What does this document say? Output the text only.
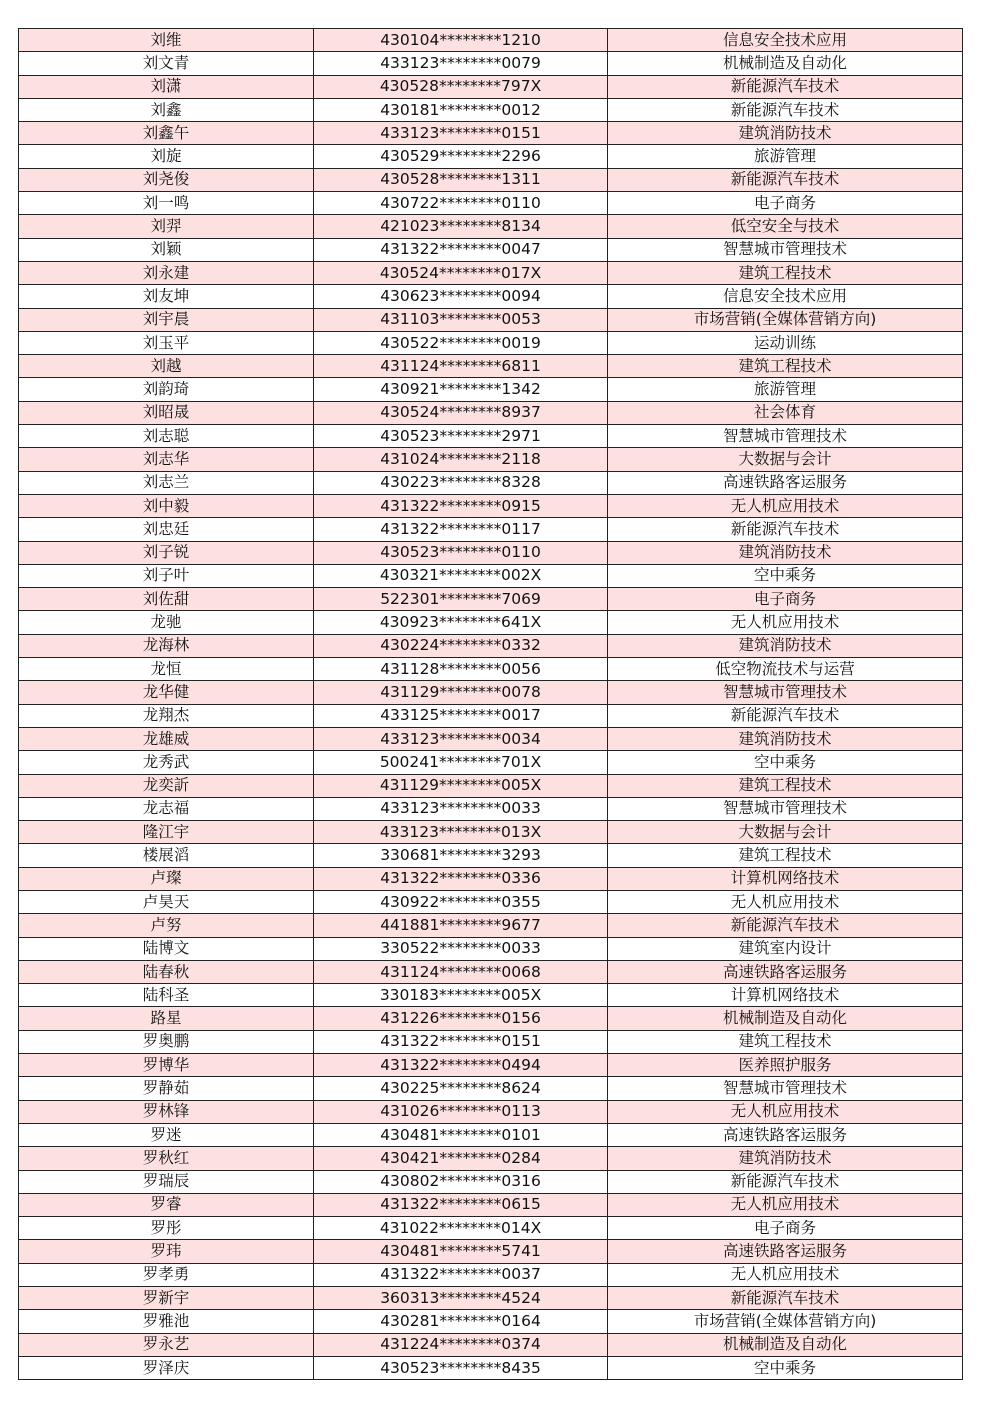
刘维	430104********1210	信息安全技术应用
刘文青	433123********0079	机械制造及自动化
刘潇	430528********797X	新能源汽车技术
刘鑫	430181********0012	新能源汽车技术
刘鑫午	433123********0151	建筑消防技术
刘旋	430529********2296	旅游管理
刘尧俊	430528********1311	新能源汽车技术
刘一鸣	430722********0110	电子商务
刘羿	421023********8134	低空安全与技术
刘颖	431322********0047	智慧城市管理技术
刘永建	430524********017X	建筑工程技术
刘友坤	430623********0094	信息安全技术应用
刘宇晨	431103********0053	市场营销(全媒体营销方向)
刘玉平	430522********0019	运动训练
刘越	431124********6811	建筑工程技术
刘韵琦	430921********1342	旅游管理
刘昭晟	430524********8937	社会体育
刘志聪	430523********2971	智慧城市管理技术
刘志华	431024********2118	大数据与会计
刘志兰	430223********8328	高速铁路客运服务
刘中毅	431322********0915	无人机应用技术
刘忠廷	431322********0117	新能源汽车技术
刘子锐	430523********0110	建筑消防技术
刘子叶	430321********002X	空中乘务
刘佐甜	522301********7069	电子商务
龙驰	430923********641X	无人机应用技术
龙海林	430224********0332	建筑消防技术
龙恒	431128********0056	低空物流技术与运营
龙华健	431129********0078	智慧城市管理技术
龙翔杰	433125********0017	新能源汽车技术
龙雄威	433123********0034	建筑消防技术
龙秀武	500241********701X	空中乘务
龙奕訢	431129********005X	建筑工程技术
龙志福	433123********0033	智慧城市管理技术
隆江宇	433123********013X	大数据与会计
楼展滔	330681********3293	建筑工程技术
卢璨	431322********0336	计算机网络技术
卢昊天	430922********0355	无人机应用技术
卢努	441881********9677	新能源汽车技术
陆博文	330522********0033	建筑室内设计
陆春秋	431124********0068	高速铁路客运服务
陆科圣	330183********005X	计算机网络技术
路星	431226********0156	机械制造及自动化
罗奥鹏	431322********0151	建筑工程技术
罗博华	431322********0494	医养照护服务
罗静茹	430225********8624	智慧城市管理技术
罗林锋	431026********0113	无人机应用技术
罗迷	430481********0101	高速铁路客运服务
罗秋红	430421********0284	建筑消防技术
罗瑞辰	430802********0316	新能源汽车技术
罗睿	431322********0615	无人机应用技术
罗彤	431022********014X	电子商务
罗玮	430481********5741	高速铁路客运服务
罗孝勇	431322********0037	无人机应用技术
罗新宇	360313********4524	新能源汽车技术
罗雅池	430281********0164	市场营销(全媒体营销方向)
罗永艺	431224********0374	机械制造及自动化
罗泽庆	430523********8435	空中乘务
